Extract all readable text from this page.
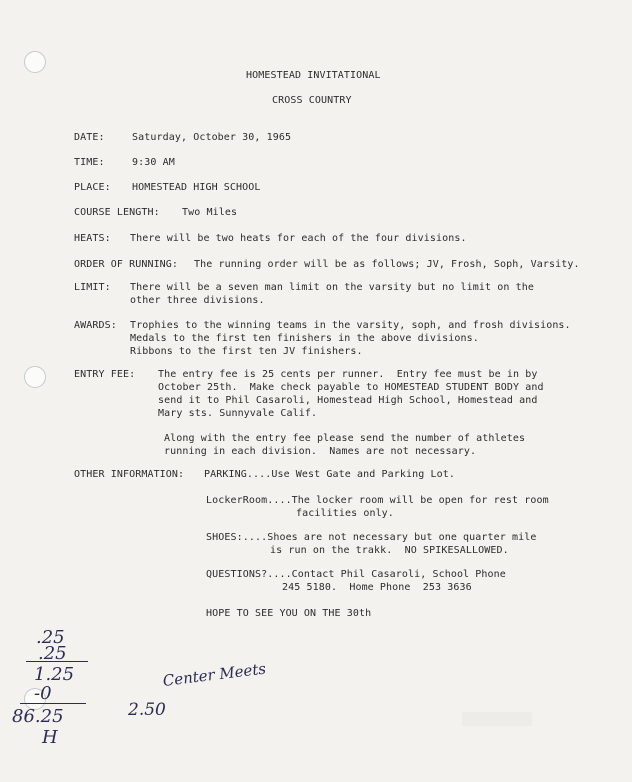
HOMESTEAD INVITATIONAL
CROSS COUNTRY
DATE:	Saturday, October 30, 1965
TIME:	9:30 AM
PLACE: HOMESTEAD HIGH SCHOOL
COURSE LENGTH: Two Miles
HEATS: There will be two heats for each of the four divisions.
ORDER OF RUNNING: The running order will be as follows; JV, Frosh, Soph, Varsity.
LIMIT: There will be a seven man limit on the varsity but no limit on the
other three divisions.
AWARDS: Trophies to the winning teams in the varsity, soph, and frosh divisions.
Medals to the first ten finishers in the above divisions.
Ribbons to the first ten JV finishers.
ENTRY FEE: The entry fee is 25 cents per runner.  Entry fee must be in by
October 25th.  Make check payable to HOMESTEAD STUDENT BODY and
send it to Phil Casaroli, Homestead High School, Homestead and
Mary sts. Sunnyvale Calif.
Along with the entry fee please send the number of athletes
running in each division.  Names are not necessary.
OTHER INFORMATION: PARKING....Use West Gate and Parking Lot.
LockerRoom....The locker room will be open for rest room
facilities only.
SHOES:....Shoes are not necessary but one quarter mile
is run on the trakk.  NO SPIKESALLOWED.
QUESTIONS?....Contact Phil Casaroli, School Phone
245 5180.  Home Phone  253 3636
HOPE TO SEE YOU ON THE 30th
.25
.25
1.25
-0
86.25
H
2.50
Center Meets
